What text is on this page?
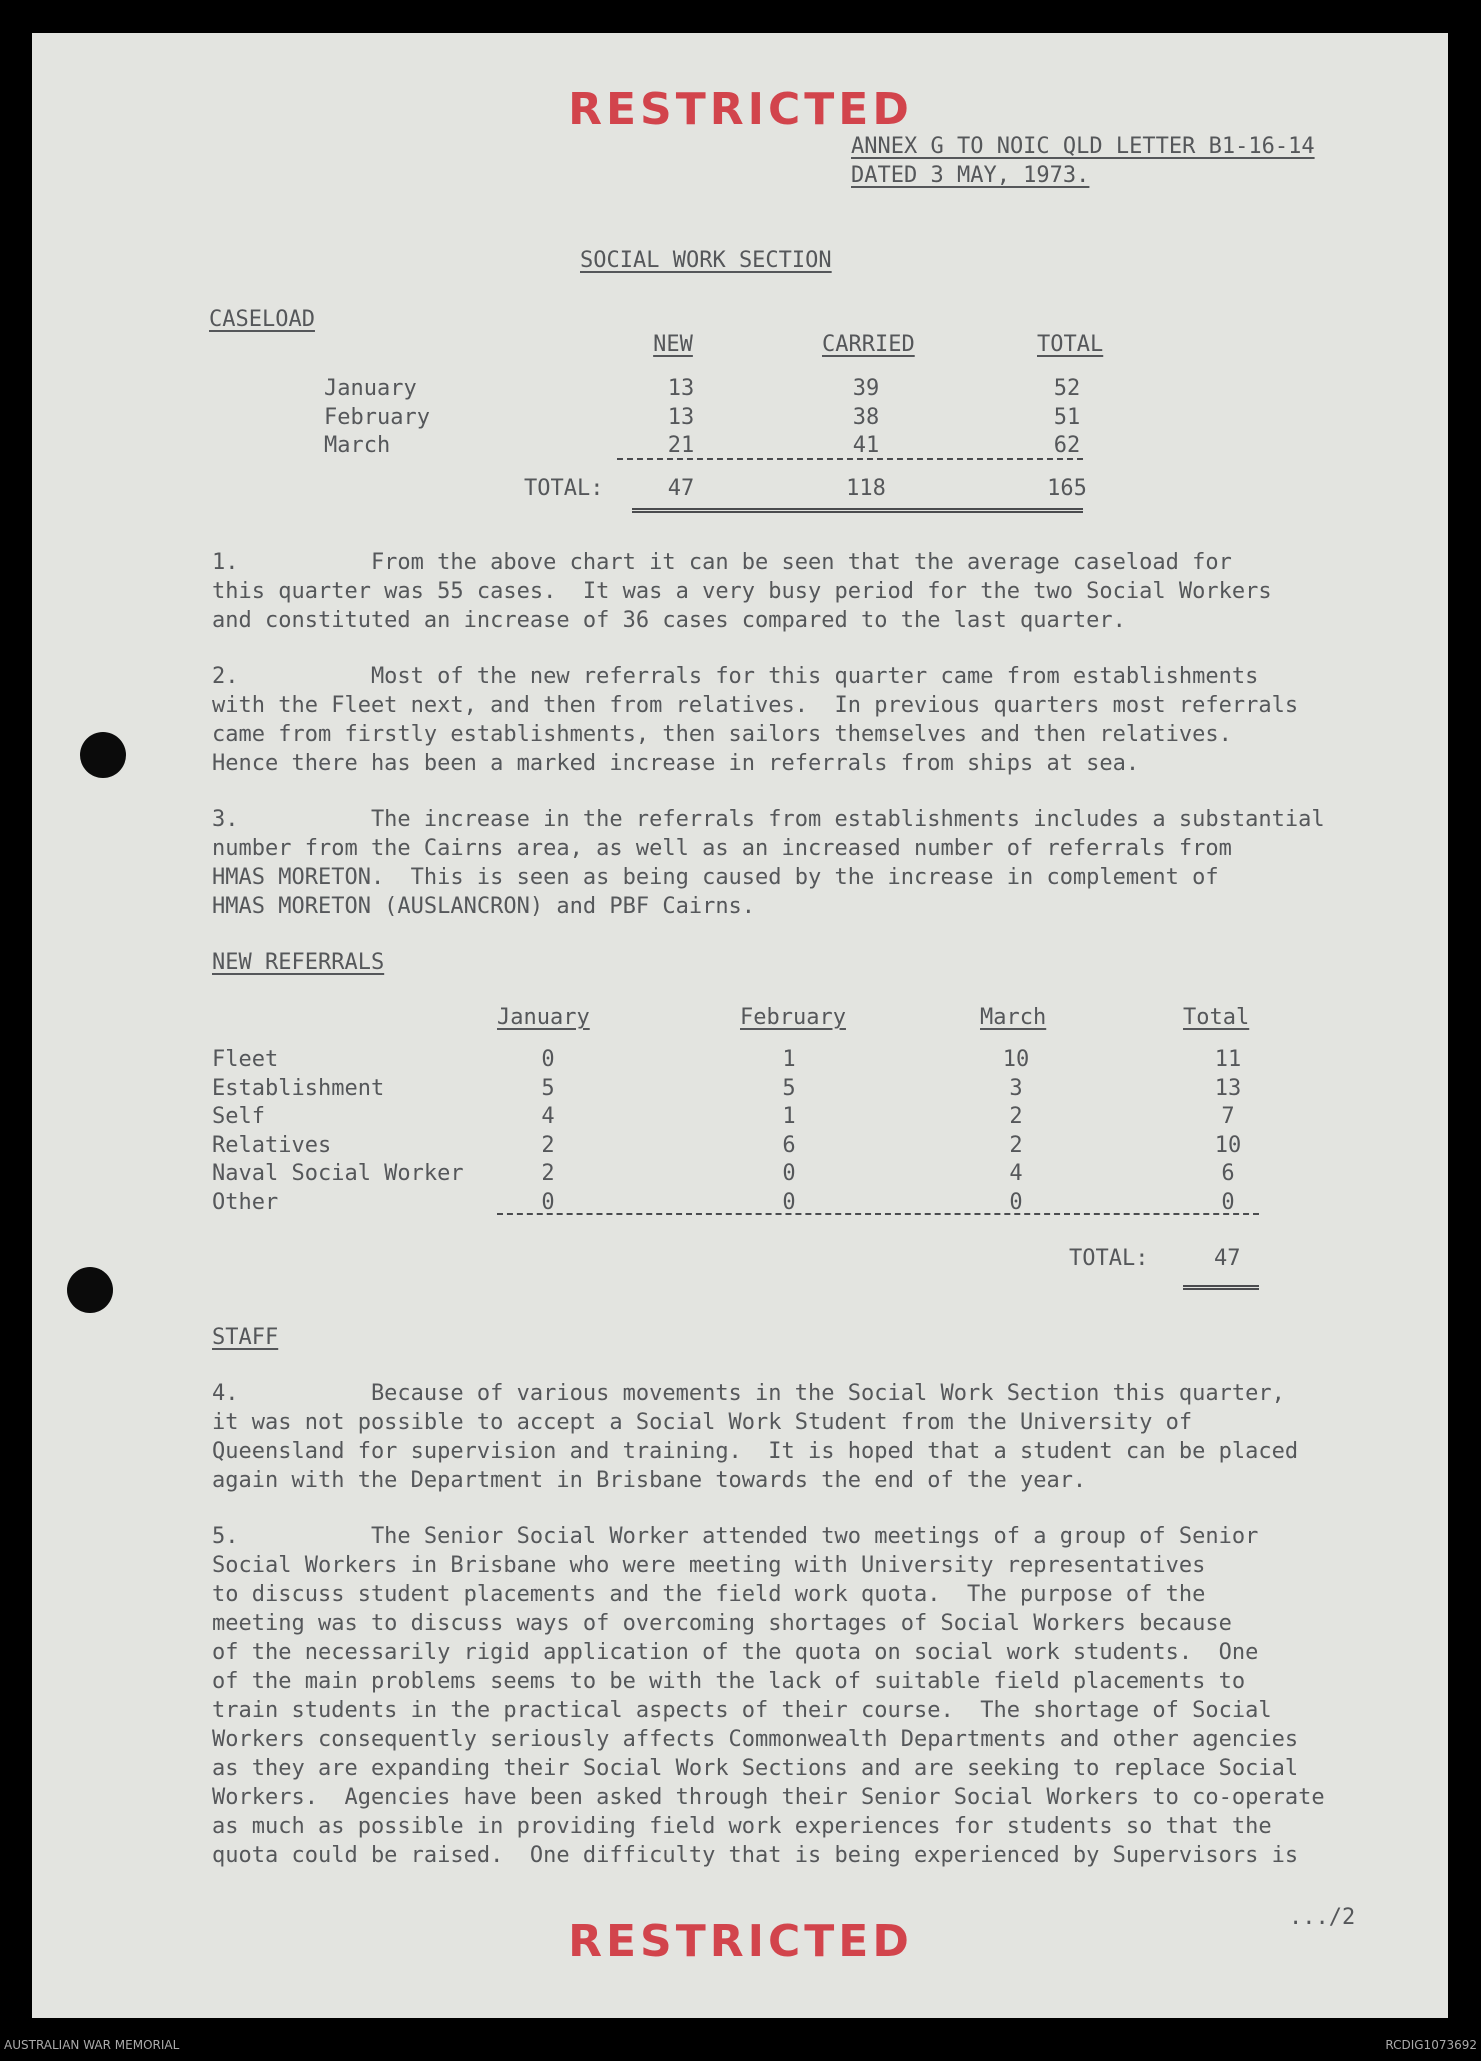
RESTRICTED
ANNEX G TO NOIC QLD LETTER B1-16-14
DATED 3 MAY, 1973.
SOCIAL WORK SECTION
CASELOAD
NEW	CARRIED	TOTAL
January	13	39	52
February	13	38	51
March	21	41	62
TOTAL:	47	118	165
1.          From the above chart it can be seen that the average caseload for
this quarter was 55 cases.  It was a very busy period for the two Social Workers
and constituted an increase of 36 cases compared to the last quarter.
2.          Most of the new referrals for this quarter came from establishments
with the Fleet next, and then from relatives.  In previous quarters most referrals
came from firstly establishments, then sailors themselves and then relatives.
Hence there has been a marked increase in referrals from ships at sea.
3.          The increase in the referrals from establishments includes a substantial
number from the Cairns area, as well as an increased number of referrals from
HMAS MORETON.  This is seen as being caused by the increase in complement of
HMAS MORETON (AUSLANCRON) and PBF Cairns.
NEW REFERRALS
January	February	March	Total
Fleet	0	1	10	11
Establishment	5	5	3	13
Self	4	1	2	7
Relatives	2	6	2	10
Naval Social Worker	2	0	4	6
Other	0	0	0	0
TOTAL:	47
STAFF
4.          Because of various movements in the Social Work Section this quarter,
it was not possible to accept a Social Work Student from the University of
Queensland for supervision and training.  It is hoped that a student can be placed
again with the Department in Brisbane towards the end of the year.
5.          The Senior Social Worker attended two meetings of a group of Senior
Social Workers in Brisbane who were meeting with University representatives
to discuss student placements and the field work quota.  The purpose of the
meeting was to discuss ways of overcoming shortages of Social Workers because
of the necessarily rigid application of the quota on social work students.  One
of the main problems seems to be with the lack of suitable field placements to
train students in the practical aspects of their course.  The shortage of Social
Workers consequently seriously affects Commonwealth Departments and other agencies
as they are expanding their Social Work Sections and are seeking to replace Social
Workers.  Agencies have been asked through their Senior Social Workers to co-operate
as much as possible in providing field work experiences for students so that the
quota could be raised.  One difficulty that is being experienced by Supervisors is
.../2
RESTRICTED
AUSTRALIAN WAR MEMORIAL	RCDIG1073692
